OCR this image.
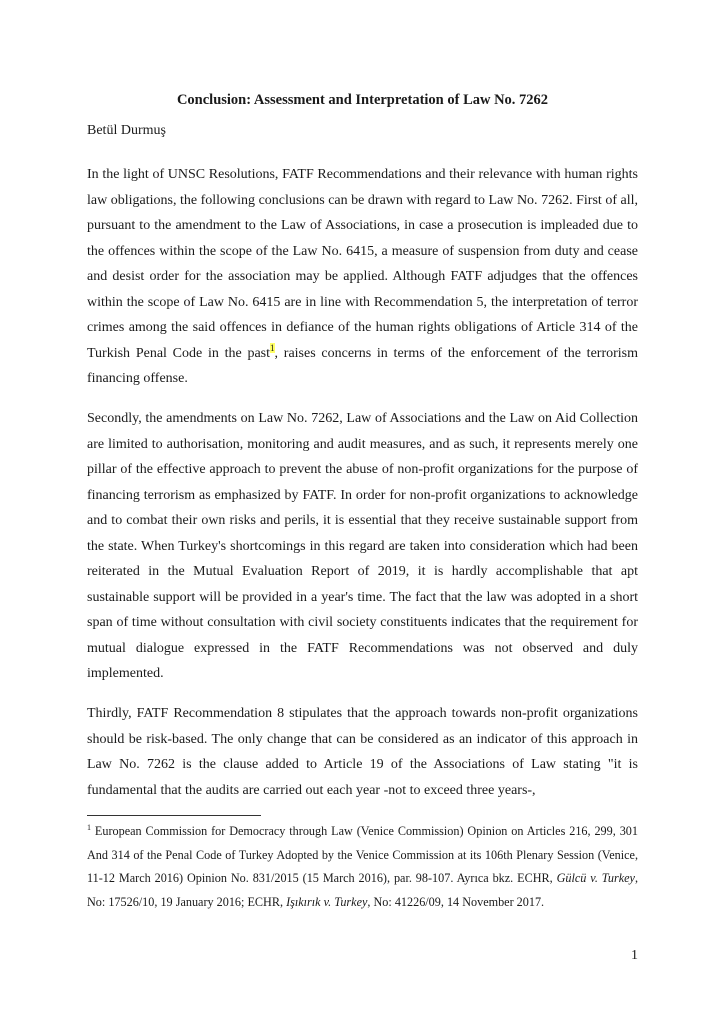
Conclusion: Assessment and Interpretation of Law No. 7262
Betül Durmuş

In the light of UNSC Resolutions, FATF Recommendations and their relevance with human rights law obligations, the following conclusions can be drawn with regard to Law No. 7262. First of all, pursuant to the amendment to the Law of Associations, in case a prosecution is impleaded due to the offences within the scope of the Law No. 6415, a measure of suspension from duty and cease and desist order for the association may be applied. Although FATF adjudges that the offences within the scope of Law No. 6415 are in line with Recommendation 5, the interpretation of terror crimes among the said offences in defiance of the human rights obligations of Article 314 of the Turkish Penal Code in the past$^1$, raises concerns in terms of the enforcement of the terrorism financing offense.

Secondly, the amendments on Law No. 7262, Law of Associations and the Law on Aid Collection are limited to authorisation, monitoring and audit measures, and as such, it represents merely one pillar of the effective approach to prevent the abuse of non-profit organizations for the purpose of financing terrorism as emphasized by FATF. In order for non-profit organizations to acknowledge and to combat their own risks and perils, it is essential that they receive sustainable support from the state. When Turkey's shortcomings in this regard are taken into consideration which had been reiterated in the Mutual Evaluation Report of 2019, it is hardly accomplishable that apt sustainable support will be provided in a year's time. The fact that the law was adopted in a short span of time without consultation with civil society constituents indicates that the requirement for mutual dialogue expressed in the FATF Recommendations was not observed and duly implemented.

Thirdly, FATF Recommendation 8 stipulates that the approach towards non-profit organizations should be risk-based. The only change that can be considered as an indicator of this approach in Law No. 7262 is the clause added to Article 19 of the Associations of Law stating "it is fundamental that the audits are carried out each year -not to exceed three years-,

$^1$ European Commission for Democracy through Law (Venice Commission) Opinion on Articles 216, 299, 301 And 314 of the Penal Code of Turkey Adopted by the Venice Commission at its 106th Plenary Session (Venice, 11-12 March 2016) Opinion No. 831/2015 (15 March 2016), par. 98-107. Ayrıca bkz. ECHR, Gülcü v. Turkey, No: 17526/10, 19 January 2016; ECHR, Işıkırık v. Turkey, No: 41226/09, 14 November 2017.

1
